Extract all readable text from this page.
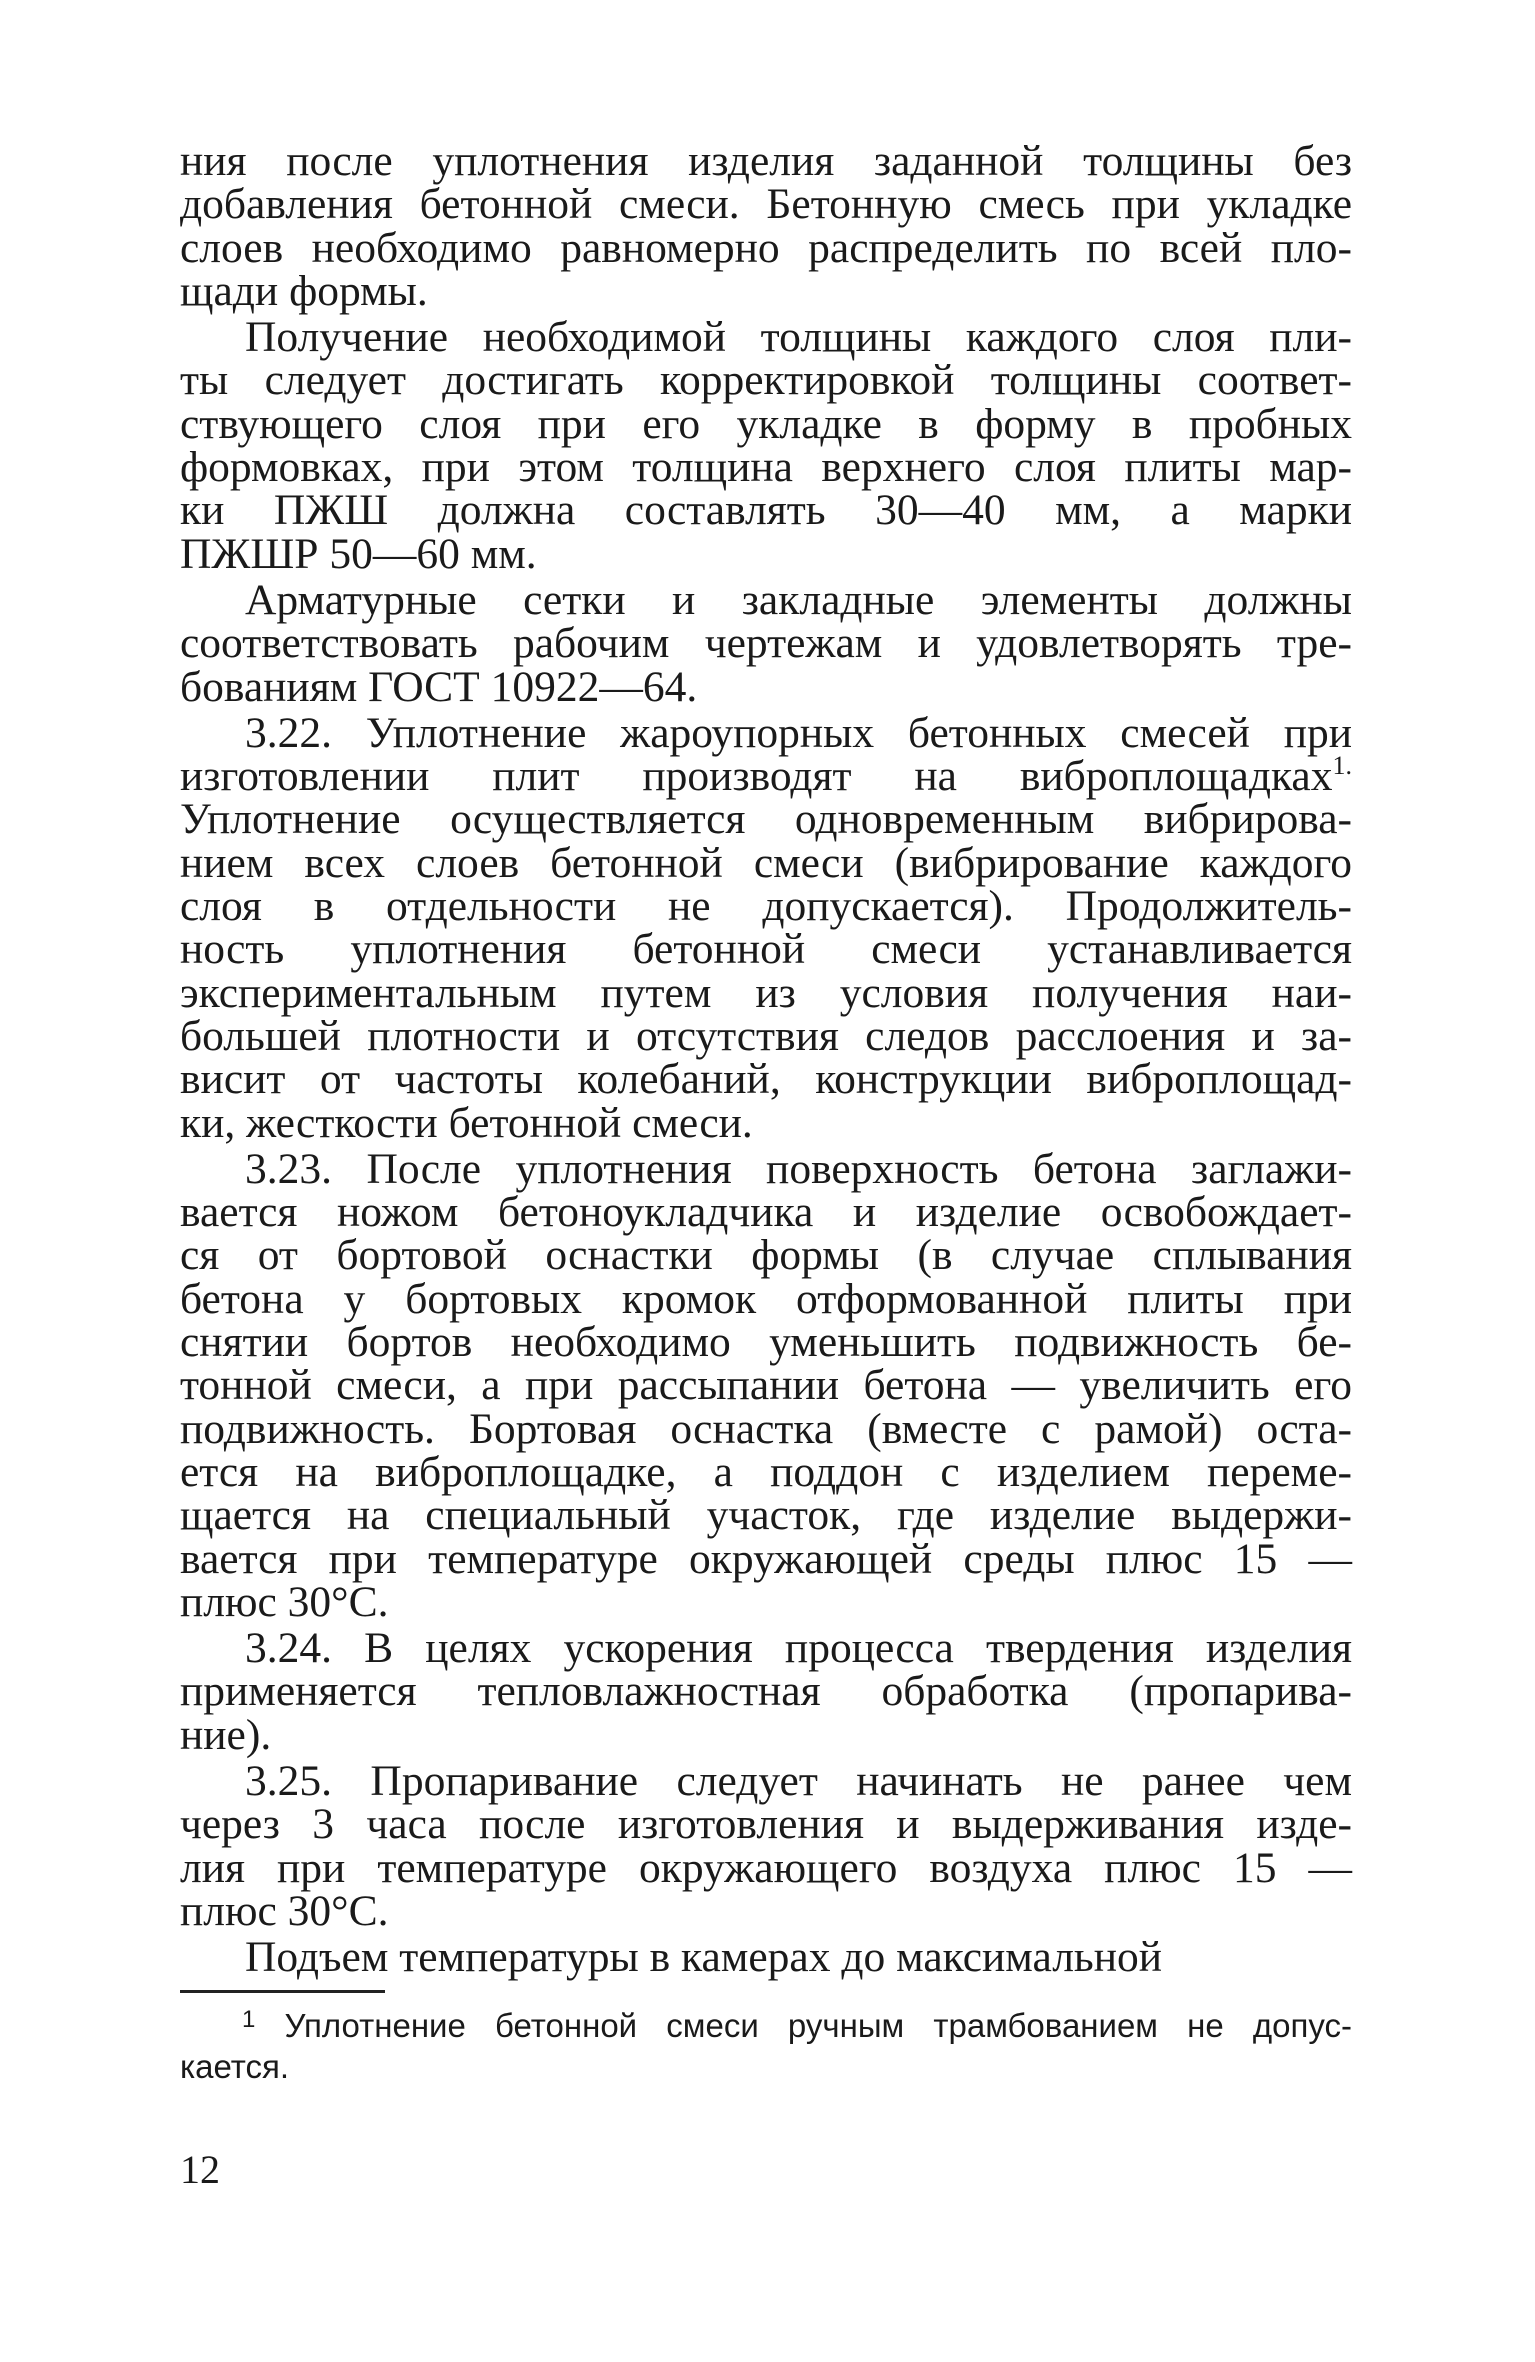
ния после уплотнения изделия заданной толщины без
добавления бетонной смеси. Бетонную смесь при укладке
слоев необходимо равномерно распределить по всей пло-
щади формы.

Получение необходимой толщины каждого слоя пли-
ты следует достигать корректировкой толщины соответ-
ствующего слоя при его укладке в форму в пробных
формовках, при этом толщина верхнего слоя плиты мар-
ки ПЖШ должна составлять 30—40 мм, а марки
ПЖШР 50—60 мм.

Арматурные сетки и закладные элементы должны
соответствовать рабочим чертежам и удовлетворять тре-
бованиям ГОСТ 10922—64.

3.22. Уплотнение жароупорных бетонных смесей при
изготовлении плит производят на виброплощадках$^{1.}$
Уплотнение осуществляется одновременным вибрирова-
нием всех слоев бетонной смеси (вибрирование каждого
слоя в отдельности не допускается). Продолжитель-
ность уплотнения бетонной смеси устанавливается
экспериментальным путем из условия получения наи-
большей плотности и отсутствия следов расслоения и за-
висит от частоты колебаний, конструкции виброплощад-
ки, жесткости бетонной смеси.

3.23. После уплотнения поверхность бетона заглажи-
вается ножом бетоноукладчика и изделие освобождает-
ся от бортовой оснастки формы (в случае сплывания
бетона у бортовых кромок отформованной плиты при
снятии бортов необходимо уменьшить подвижность бе-
тонной смеси, а при рассыпании бетона — увеличить его
подвижность. Бортовая оснастка (вместе с рамой) оста-
ется на виброплощадке, а поддон с изделием переме-
щается на специальный участок, где изделие выдержи-
вается при температуре окружающей среды плюс 15 —
плюс 30°С.

3.24. В целях ускорения процесса твердения изделия
применяется тепловлажностная обработка (пропарива-
ние).

3.25. Пропаривание следует начинать не ранее чем
через 3 часа после изготовления и выдерживания изде-
лия при температуре окружающего воздуха плюс 15 —
плюс 30°С.

Подъем температуры в камерах до максимальной

$^1$ Уплотнение бетонной смеси ручным трамбованием не допус-
кается.
12
